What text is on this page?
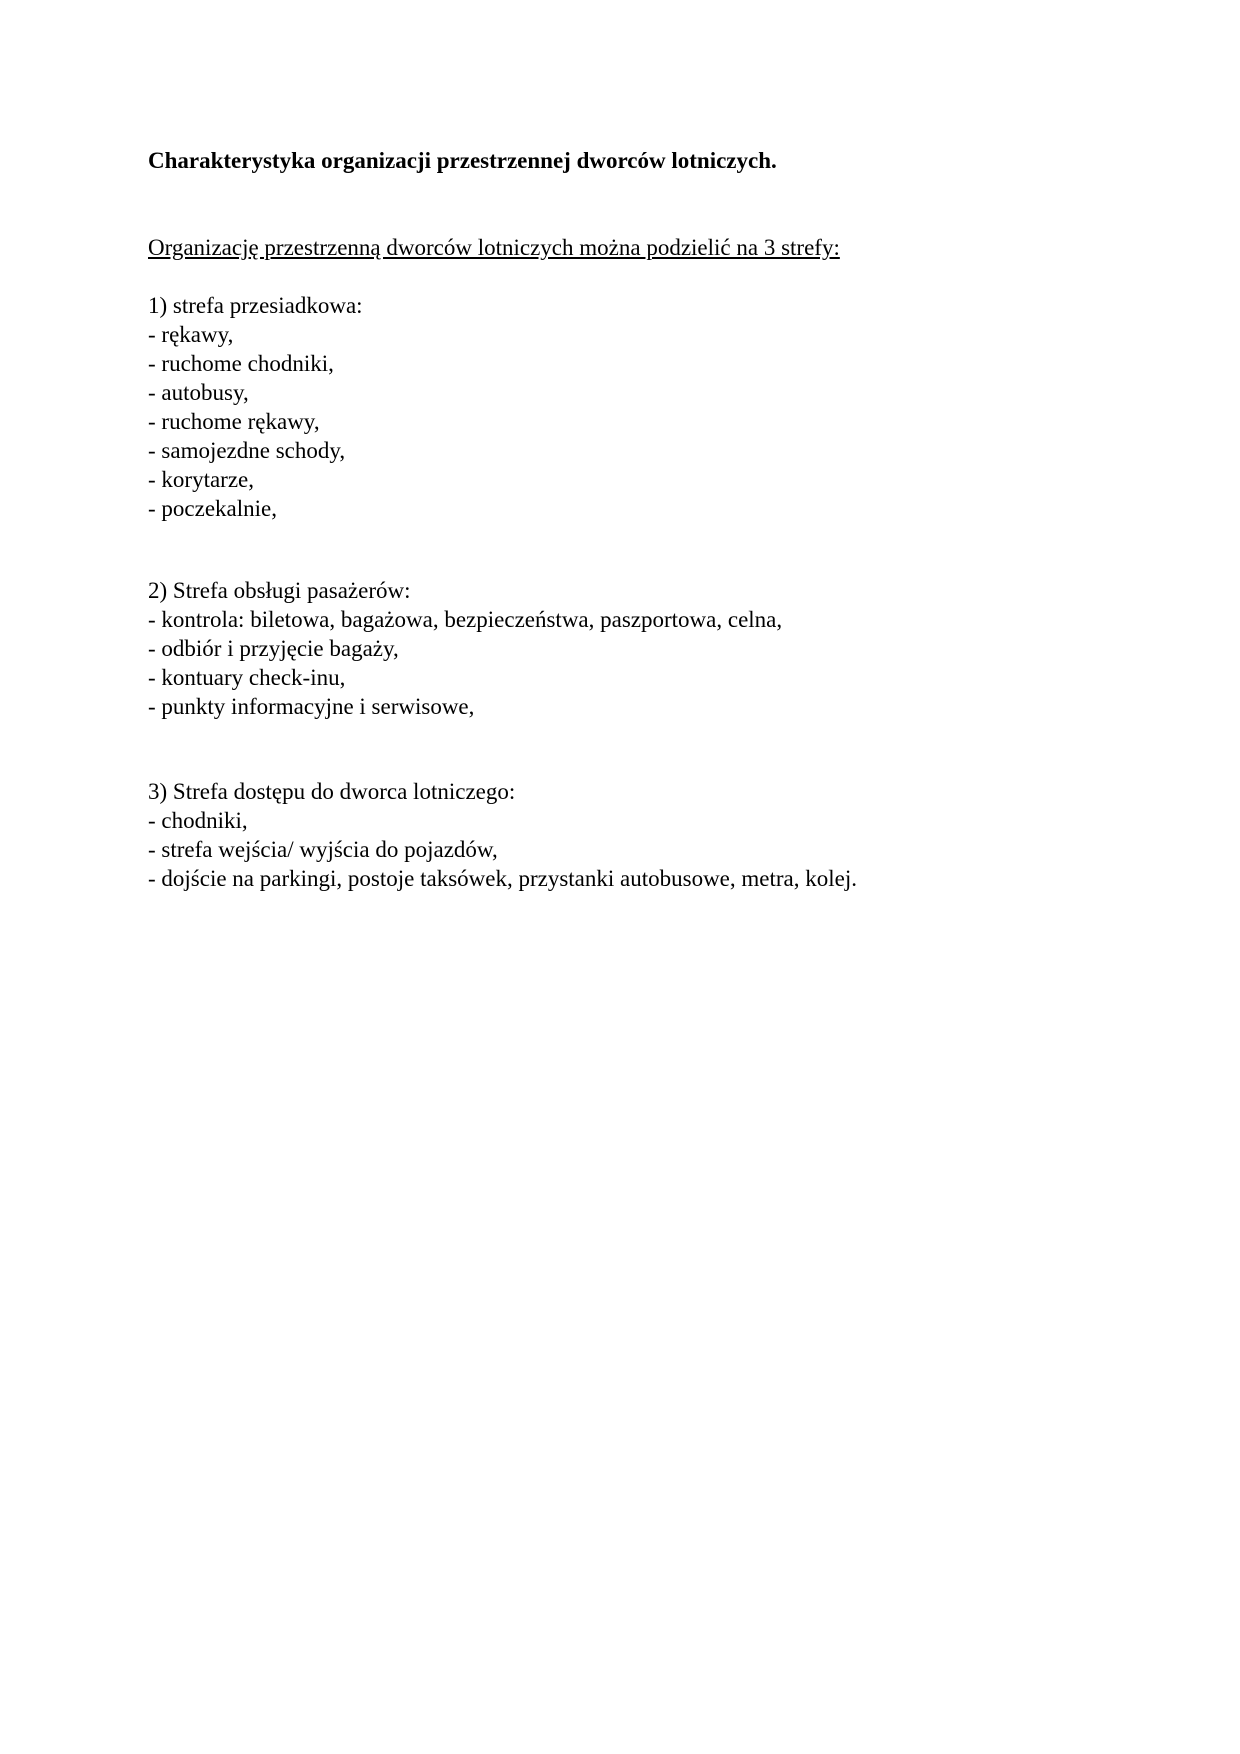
Charakterystyka organizacji przestrzennej dworców lotniczych.
Organizację przestrzenną dworców lotniczych można podzielić na 3 strefy:
1) strefa przesiadkowa:
- rękawy,
- ruchome chodniki,
- autobusy,
- ruchome rękawy,
- samojezdne schody,
- korytarze,
- poczekalnie,
2) Strefa obsługi pasażerów:
- kontrola: biletowa, bagażowa, bezpieczeństwa, paszportowa, celna,
- odbiór i przyjęcie bagaży,
- kontuary check-inu,
- punkty informacyjne i serwisowe,
3) Strefa dostępu do dworca lotniczego:
- chodniki,
- strefa wejścia/ wyjścia do pojazdów,
- dojście na parkingi, postoje taksówek, przystanki autobusowe, metra, kolej.
